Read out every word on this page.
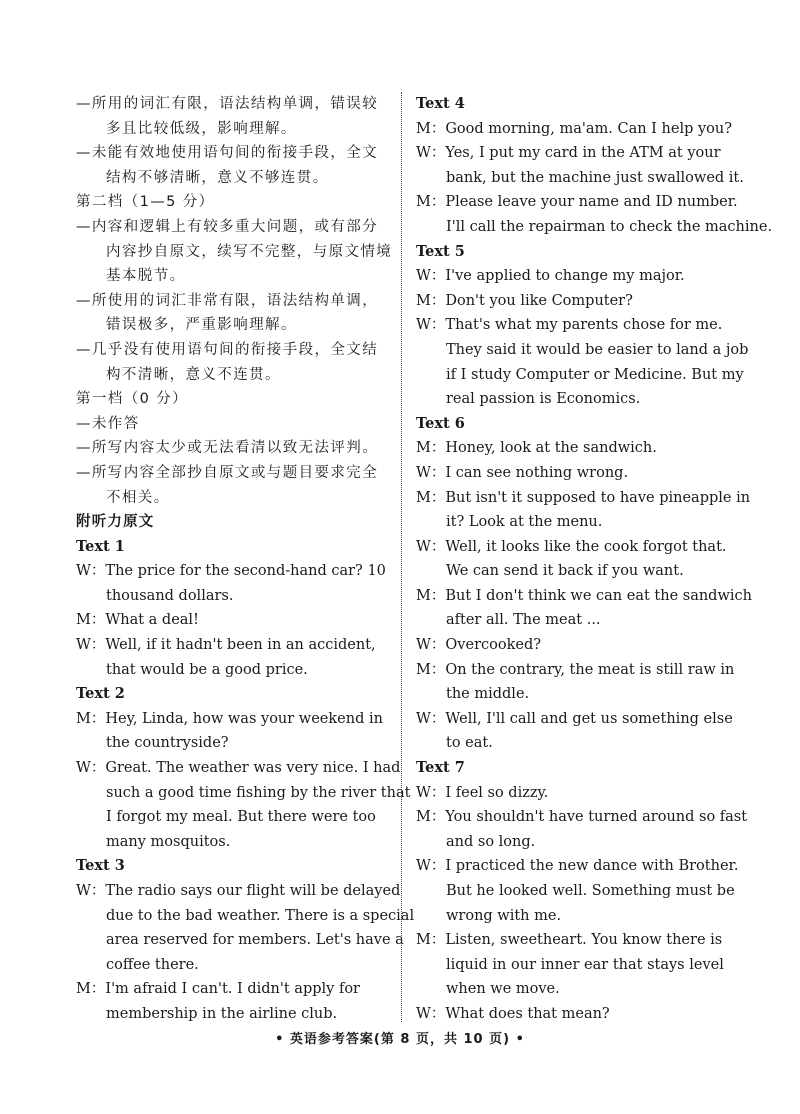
—所用的词汇有限，语法结构单调，错误较
多且比较低级，影响理解。
—未能有效地使用语句间的衔接手段，全文
结构不够清晰，意义不够连贯。
第二档（1—5 分）
—内容和逻辑上有较多重大问题，或有部分
内容抄自原文，续写不完整，与原文情境
基本脱节。
—所使用的词汇非常有限，语法结构单调，
错误极多，严重影响理解。
—几乎没有使用语句间的衔接手段，全文结
构不清晰，意义不连贯。
第一档（0 分）
—未作答
—所写内容太少或无法看清以致无法评判。
—所写内容全部抄自原文或与题目要求完全
不相关。
附听力原文
Text 1
W：The price for the second-hand car? 10
thousand dollars.
M：What a deal!
W：Well, if it hadn't been in an accident,
that would be a good price.
Text 2
M：Hey, Linda, how was your weekend in
the countryside?
W：Great. The weather was very nice. I had
such a good time fishing by the river that
I forgot my meal. But there were too
many mosquitos.
Text 3
W：The radio says our flight will be delayed
due to the bad weather. There is a special
area reserved for members. Let's have a
coffee there.
M：I'm afraid I can't. I didn't apply for
membership in the airline club.
Text 4
M：Good morning, ma'am. Can I help you?
W：Yes, I put my card in the ATM at your
bank, but the machine just swallowed it.
M：Please leave your name and ID number.
I'll call the repairman to check the machine.
Text 5
W：I've applied to change my major.
M：Don't you like Computer?
W：That's what my parents chose for me.
They said it would be easier to land a job
if I study Computer or Medicine. But my
real passion is Economics.
Text 6
M：Honey, look at the sandwich.
W：I can see nothing wrong.
M：But isn't it supposed to have pineapple in
it? Look at the menu.
W：Well, it looks like the cook forgot that.
We can send it back if you want.
M：But I don't think we can eat the sandwich
after all. The meat ...
W：Overcooked?
M：On the contrary, the meat is still raw in
the middle.
W：Well, I'll call and get us something else
to eat.
Text 7
W：I feel so dizzy.
M：You shouldn't have turned around so fast
and so long.
W：I practiced the new dance with Brother.
But he looked well. Something must be
wrong with me.
M：Listen, sweetheart. You know there is
liquid in our inner ear that stays level
when we move.
W：What does that mean?
• 英语参考答案(第 8 页，共 10 页) •
